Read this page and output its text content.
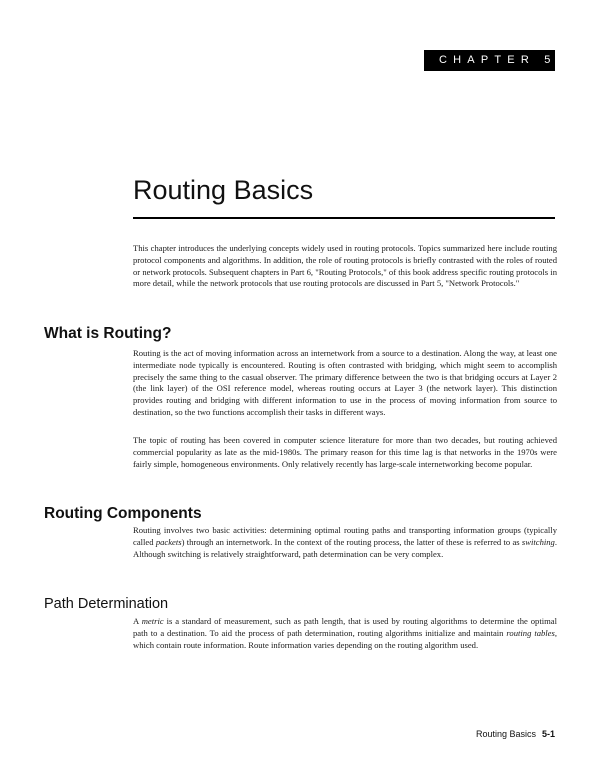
CHAPTER 5
Routing Basics

This chapter introduces the underlying concepts widely used in routing protocols. Topics summarized here include routing protocol components and algorithms. In addition, the role of routing protocols is briefly contrasted with the roles of routed or network protocols. Subsequent chapters in Part 6, "Routing Protocols," of this book address specific routing protocols in more detail, while the network protocols that use routing protocols are discussed in Part 5, "Network Protocols."

What is Routing?

Routing is the act of moving information across an internetwork from a source to a destination. Along the way, at least one intermediate node typically is encountered. Routing is often contrasted with bridging, which might seem to accomplish precisely the same thing to the casual observer. The primary difference between the two is that bridging occurs at Layer 2 (the link layer) of the OSI reference model, whereas routing occurs at Layer 3 (the network layer). This distinction provides routing and bridging with different information to use in the process of moving information from source to destination, so the two functions accomplish their tasks in different ways.

The topic of routing has been covered in computer science literature for more than two decades, but routing achieved commercial popularity as late as the mid-1980s. The primary reason for this time lag is that networks in the 1970s were fairly simple, homogeneous environments. Only relatively recently has large-scale internetworking become popular.

Routing Components

Routing involves two basic activities: determining optimal routing paths and transporting information groups (typically called packets) through an internetwork. In the context of the routing process, the latter of these is referred to as switching. Although switching is relatively straightforward, path determination can be very complex.

Path Determination

A metric is a standard of measurement, such as path length, that is used by routing algorithms to determine the optimal path to a destination. To aid the process of path determination, routing algorithms initialize and maintain routing tables, which contain route information. Route information varies depending on the routing algorithm used.

Routing Basics 5-1
